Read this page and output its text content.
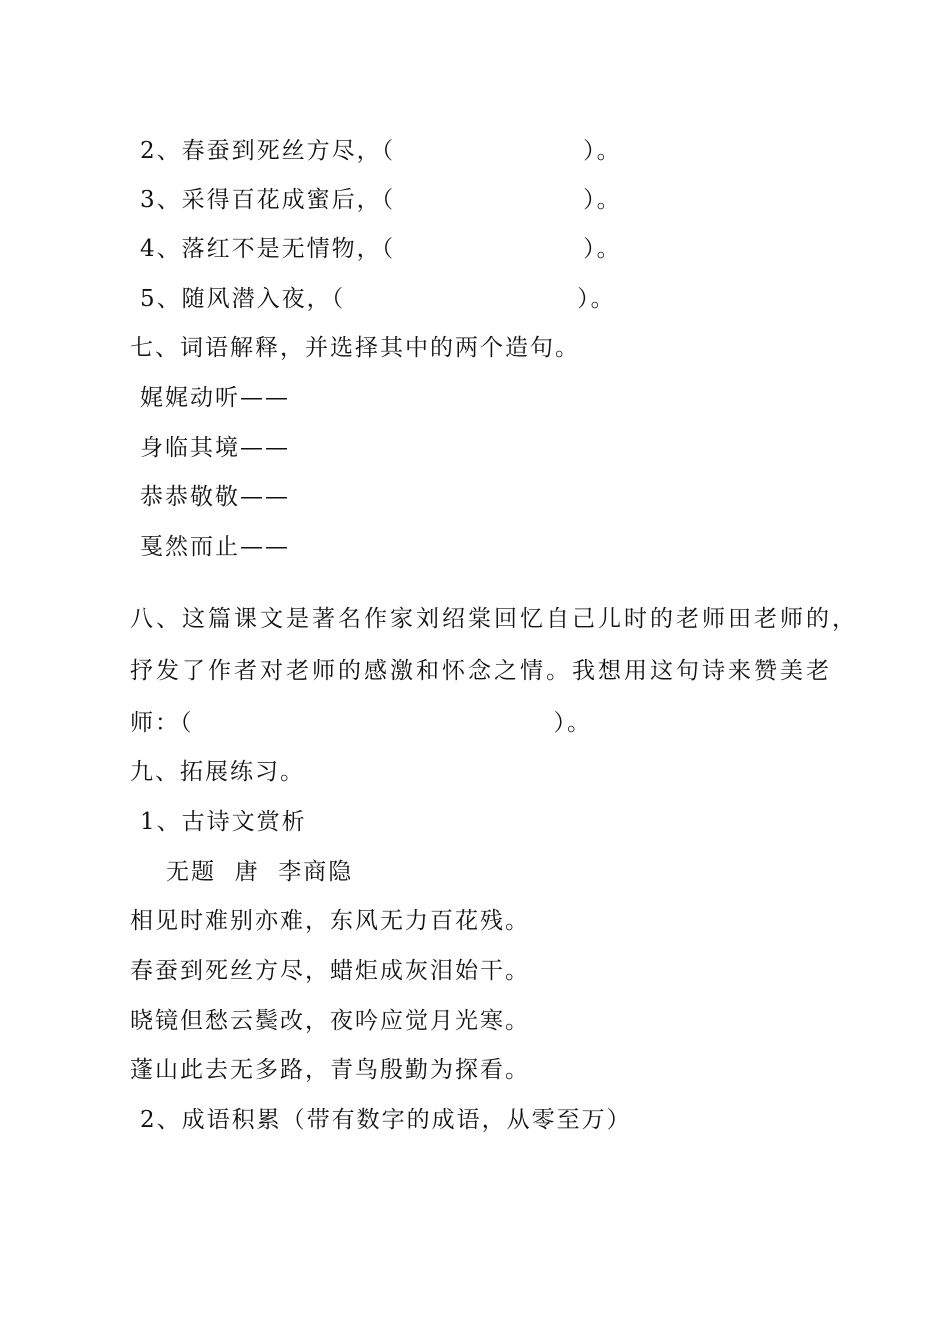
2、春蚕到死丝方尽，（	）。
3、采得百花成蜜后，（	）。
4、落红不是无情物，（	）。
5、随风潜入夜，（	）。
七、词语解释，并选择其中的两个造句。
娓娓动听——
身临其境——
恭恭敬敬——
戛然而止——
八、这篇课文是著名作家刘绍棠回忆自己儿时的老师田老师的，
抒发了作者对老师的感激和怀念之情。我想用这句诗来赞美老
师：（	）。
九、拓展练习。
1、古诗文赏析
无题  唐  李商隐
相见时难别亦难，东风无力百花残。
春蚕到死丝方尽，蜡炬成灰泪始干。
晓镜但愁云鬓改，夜吟应觉月光寒。
蓬山此去无多路，青鸟殷勤为探看。
2、成语积累（带有数字的成语，从零至万）
